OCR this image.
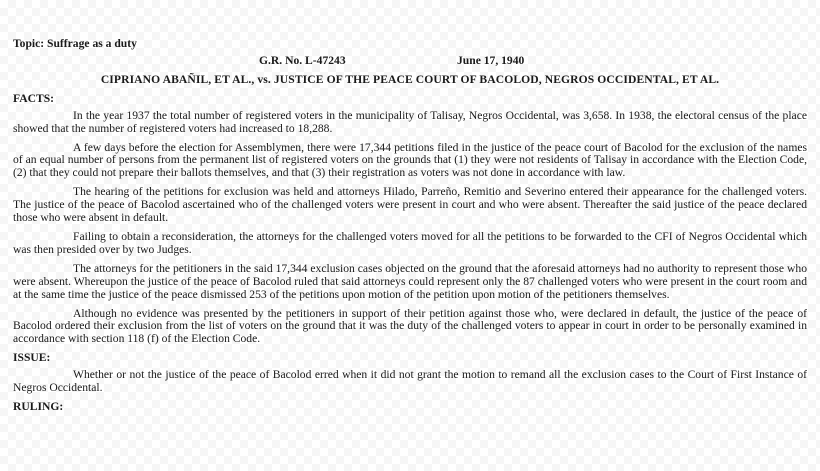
Topic: Suffrage as a duty
G.R. No. L-47243	June 17, 1940
CIPRIANO ABAÑIL, ET AL., vs. JUSTICE OF THE PEACE COURT OF BACOLOD, NEGROS OCCIDENTAL, ET AL.
FACTS:

In the year 1937 the total number of registered voters in the municipality of Talisay, Negros Occidental, was 3,658. In 1938, the electoral census of the place showed that the number of registered voters had increased to 18,288.

A few days before the election for Assemblymen, there were 17,344 petitions filed in the justice of the peace court of Bacolod for the exclusion of the names of an equal number of persons from the permanent list of registered voters on the grounds that (1) they were not residents of Talisay in accordance with the Election Code, (2) that they could not prepare their ballots themselves, and that (3) their registration as voters was not done in accordance with law.

The hearing of the petitions for exclusion was held and attorneys Hilado, Parreño, Remitio and Severino entered their appearance for the challenged voters. The justice of the peace of Bacolod ascertained who of the challenged voters were present in court and who were absent. Thereafter the said justice of the peace declared those who were absent in default.

Failing to obtain a reconsideration, the attorneys for the challenged voters moved for all the petitions to be forwarded to the CFI of Negros Occidental which was then presided over by two Judges.

The attorneys for the petitioners in the said 17,344 exclusion cases objected on the ground that the aforesaid attorneys had no authority to represent those who were absent. Whereupon the justice of the peace of Bacolod ruled that said attorneys could represent only the 87 challenged voters who were present in the court room and at the same time the justice of the peace dismissed 253 of the petitions upon motion of the petition upon motion of the petitioners themselves.

Although no evidence was presented by the petitioners in support of their petition against those who, were declared in default, the justice of the peace of Bacolod ordered their exclusion from the list of voters on the ground that it was the duty of the challenged voters to appear in court in order to be personally examined in accordance with section 118 (f) of the Election Code.

ISSUE:

Whether or not the justice of the peace of Bacolod erred when it did not grant the motion to remand all the exclusion cases to the Court of First Instance of Negros Occidental.

RULING:
